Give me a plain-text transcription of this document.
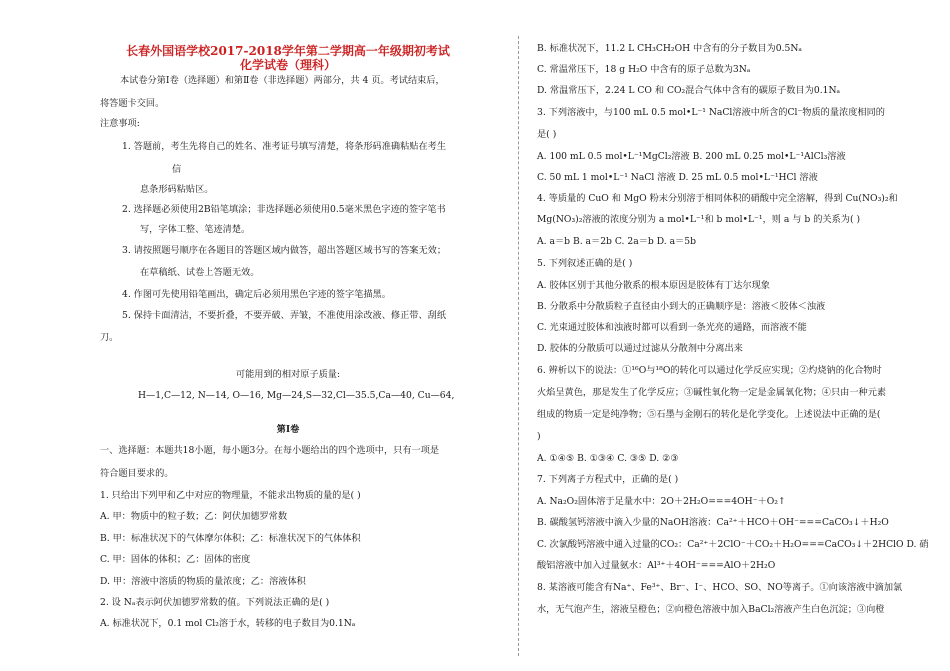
长春外国语学校2017-2018学年第二学期高一年级期初考试
化学试卷（理科）
本试卷分第Ⅰ卷（选择题）和第Ⅱ卷（非选择题）两部分，共 4 页。考试结束后，
将答题卡交回。
注意事项:
1. 答题前，考生先将自己的姓名、准考证号填写清楚，将条形码准确粘贴在考生
信
息条形码粘贴区。
2. 选择题必须使用2B铅笔填涂；非选择题必须使用0.5毫米黑色字迹的签字笔书
写，字体工整、笔迹清楚。
3. 请按照题号顺序在各题目的答题区域内做答，超出答题区域书写的答案无效；
在草稿纸、试卷上答题无效。
4. 作图可先使用铅笔画出，确定后必须用黑色字迹的签字笔描黑。
5. 保持卡面清洁，不要折叠，不要弄破、弄皱，不准使用涂改液、修正带、刮纸
刀。
可能用到的相对原子质量:
H—1,C—12, N—14, O—16, Mg—24,S—32,Cl—35.5,Ca—40, Cu—64,
第Ⅰ卷
一、选择题：本题共18小题，每小题3分。在每小题给出的四个选项中，只有一项是
符合题目要求的。
1. 只给出下列甲和乙中对应的物理量，不能求出物质的量的是( )
A. 甲：物质中的粒子数；乙：阿伏加德罗常数
B. 甲：标准状况下的气体摩尔体积；乙：标准状况下的气体体积
C. 甲：固体的体积；乙：固体的密度
D. 甲：溶液中溶质的物质的量浓度；乙：溶液体积
2. 设 Nₐ表示阿伏加德罗常数的值。下列说法正确的是( )
A. 标准状况下，0.1 mol Cl₂溶于水，转移的电子数目为0.1Nₐ
B. 标准状况下，11.2 L CH₃CH₂OH 中含有的分子数目为0.5Nₐ
C. 常温常压下，18 g H₂O 中含有的原子总数为3Nₐ
D. 常温常压下，2.24 L CO 和 CO₂混合气体中含有的碳原子数目为0.1Nₐ
3. 下列溶液中，与100 mL 0.5 mol•L⁻¹ NaCl溶液中所含的Cl⁻物质的量浓度相同的
是( )
A. 100 mL 0.5 mol•L⁻¹MgCl₂溶液 B. 200 mL 0.25 mol•L⁻¹AlCl₃溶液
C. 50 mL 1 mol•L⁻¹ NaCl 溶液 D. 25 mL 0.5 mol•L⁻¹HCl 溶液
4. 等质量的 CuO 和 MgO 粉末分别溶于相同体积的硝酸中完全溶解，得到 Cu(NO₃)₂和
Mg(NO₃)₂溶液的浓度分别为 a mol•L⁻¹和 b mol•L⁻¹，则 a 与 b 的关系为( )
A. a＝b B. a＝2b C. 2a＝b D. a＝5b
5. 下列叙述正确的是( )
A. 胶体区别于其他分散系的根本原因是胶体有丁达尔现象
B. 分散系中分散质粒子直径由小到大的正确顺序是：溶液＜胶体＜浊液
C. 光束通过胶体和浊液时都可以看到一条光亮的通路，而溶液不能
D. 胶体的分散质可以通过过滤从分散剂中分离出来
6. 辨析以下的说法：①¹⁶O与¹⁸O的转化可以通过化学反应实现；②灼烧钠的化合物时
火焰呈黄色，那是发生了化学反应；③碱性氧化物一定是金属氧化物；④只由一种元素
组成的物质一定是纯净物；⑤石墨与金刚石的转化是化学变化。上述说法中正确的是(
)
A. ①④⑤ B. ①③④ C. ③⑤ D. ②③
7. 下列离子方程式中，正确的是( )
A. Na₂O₂固体溶于足量水中：2O＋2H₂O===4OH⁻＋O₂↑
B. 碳酸氢钙溶液中滴入少量的NaOH溶液：Ca²⁺＋HCO＋OH⁻===CaCO₃↓＋H₂O
C. 次氯酸钙溶液中通入过量的CO₂：Ca²⁺＋2ClO⁻＋CO₂＋H₂O===CaCO₃↓＋2HClO D. 硝
酸铝溶液中加入过量氨水：Al³⁺＋4OH⁻===AlO＋2H₂O
8. 某溶液可能含有Na⁺、Fe³⁺、Br⁻、I⁻、HCO、SO、NO等离子。①向该溶液中滴加氯
水，无气泡产生，溶液呈橙色；②向橙色溶液中加入BaCl₂溶液产生白色沉淀；③向橙
